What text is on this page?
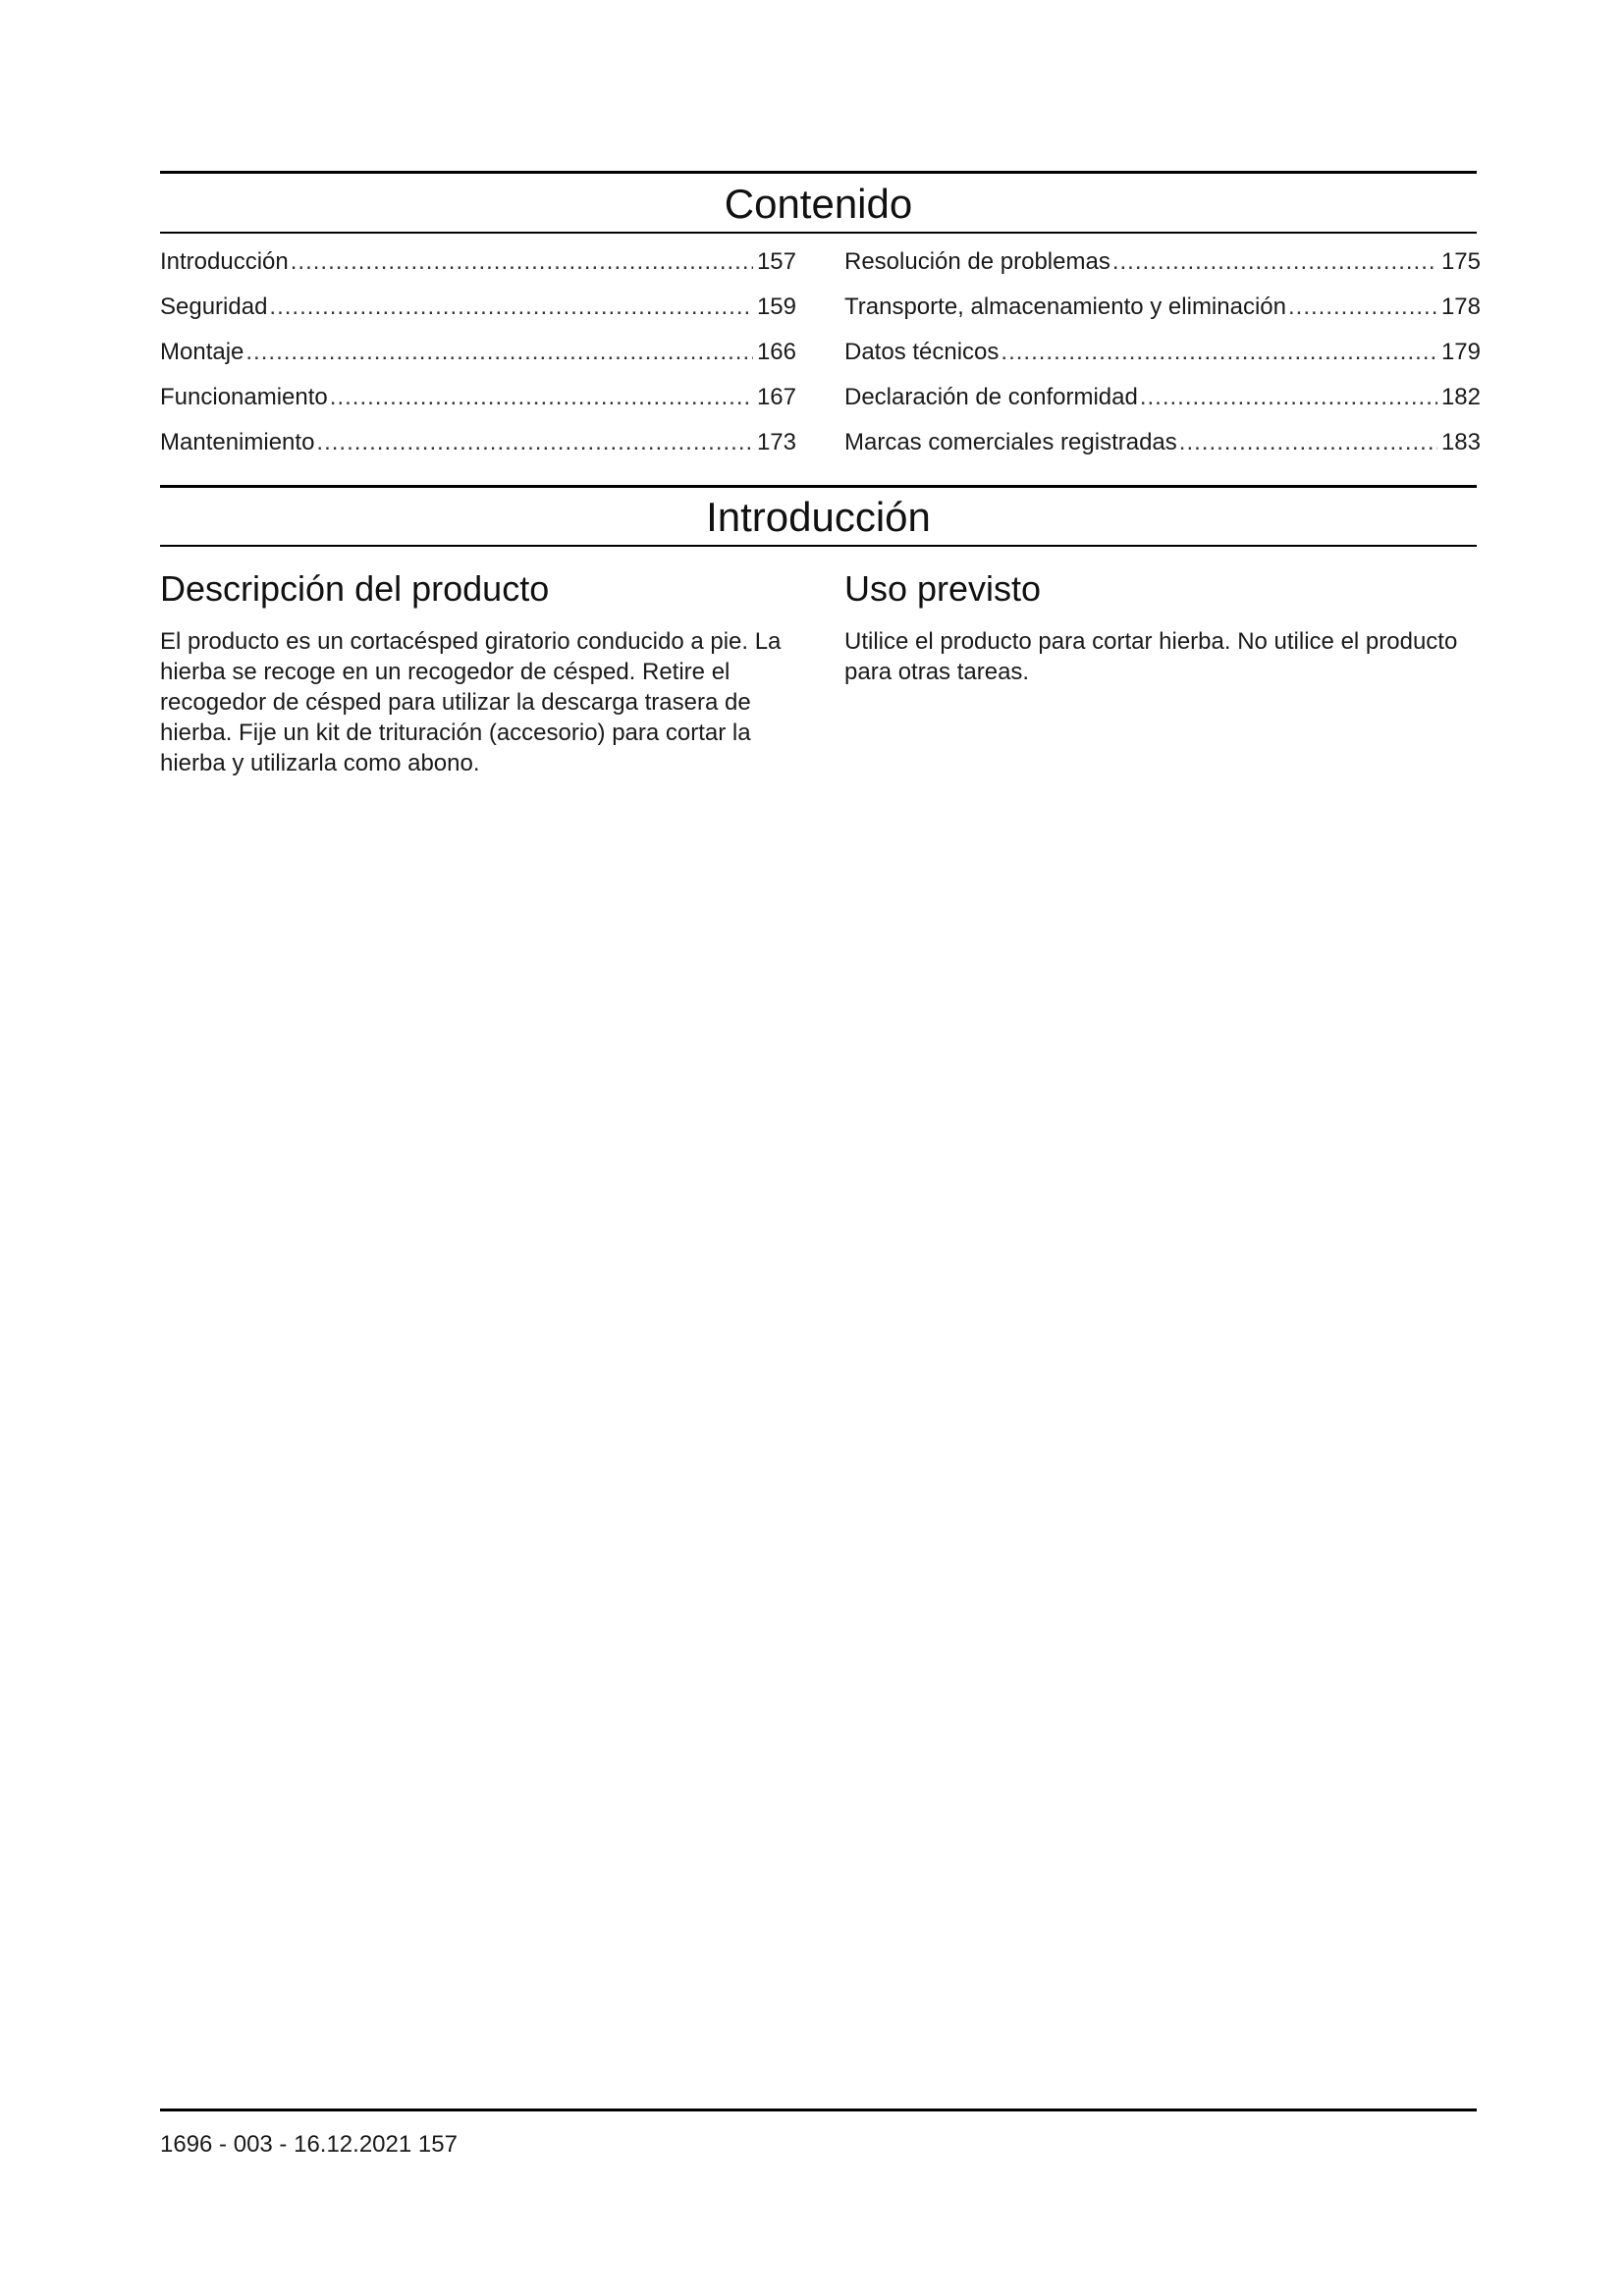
Contenido
Introducción .....	157
Seguridad .....	159
Montaje .....	166
Funcionamiento .....	167
Mantenimiento .....	173
Resolución de problemas .....	175
Transporte, almacenamiento y eliminación .....	178
Datos técnicos .....	179
Declaración de conformidad .....	182
Marcas comerciales registradas .....	183
Introducción
Descripción del producto

El producto es un cortacésped giratorio conducido a pie. La hierba se recoge en un recogedor de césped. Retire el recogedor de césped para utilizar la descarga trasera de hierba. Fije un kit de trituración (accesorio) para cortar la hierba y utilizarla como abono.

Uso previsto

Utilice el producto para cortar hierba. No utilice el producto para otras tareas.

1696 - 003 - 16.12.2021 157
